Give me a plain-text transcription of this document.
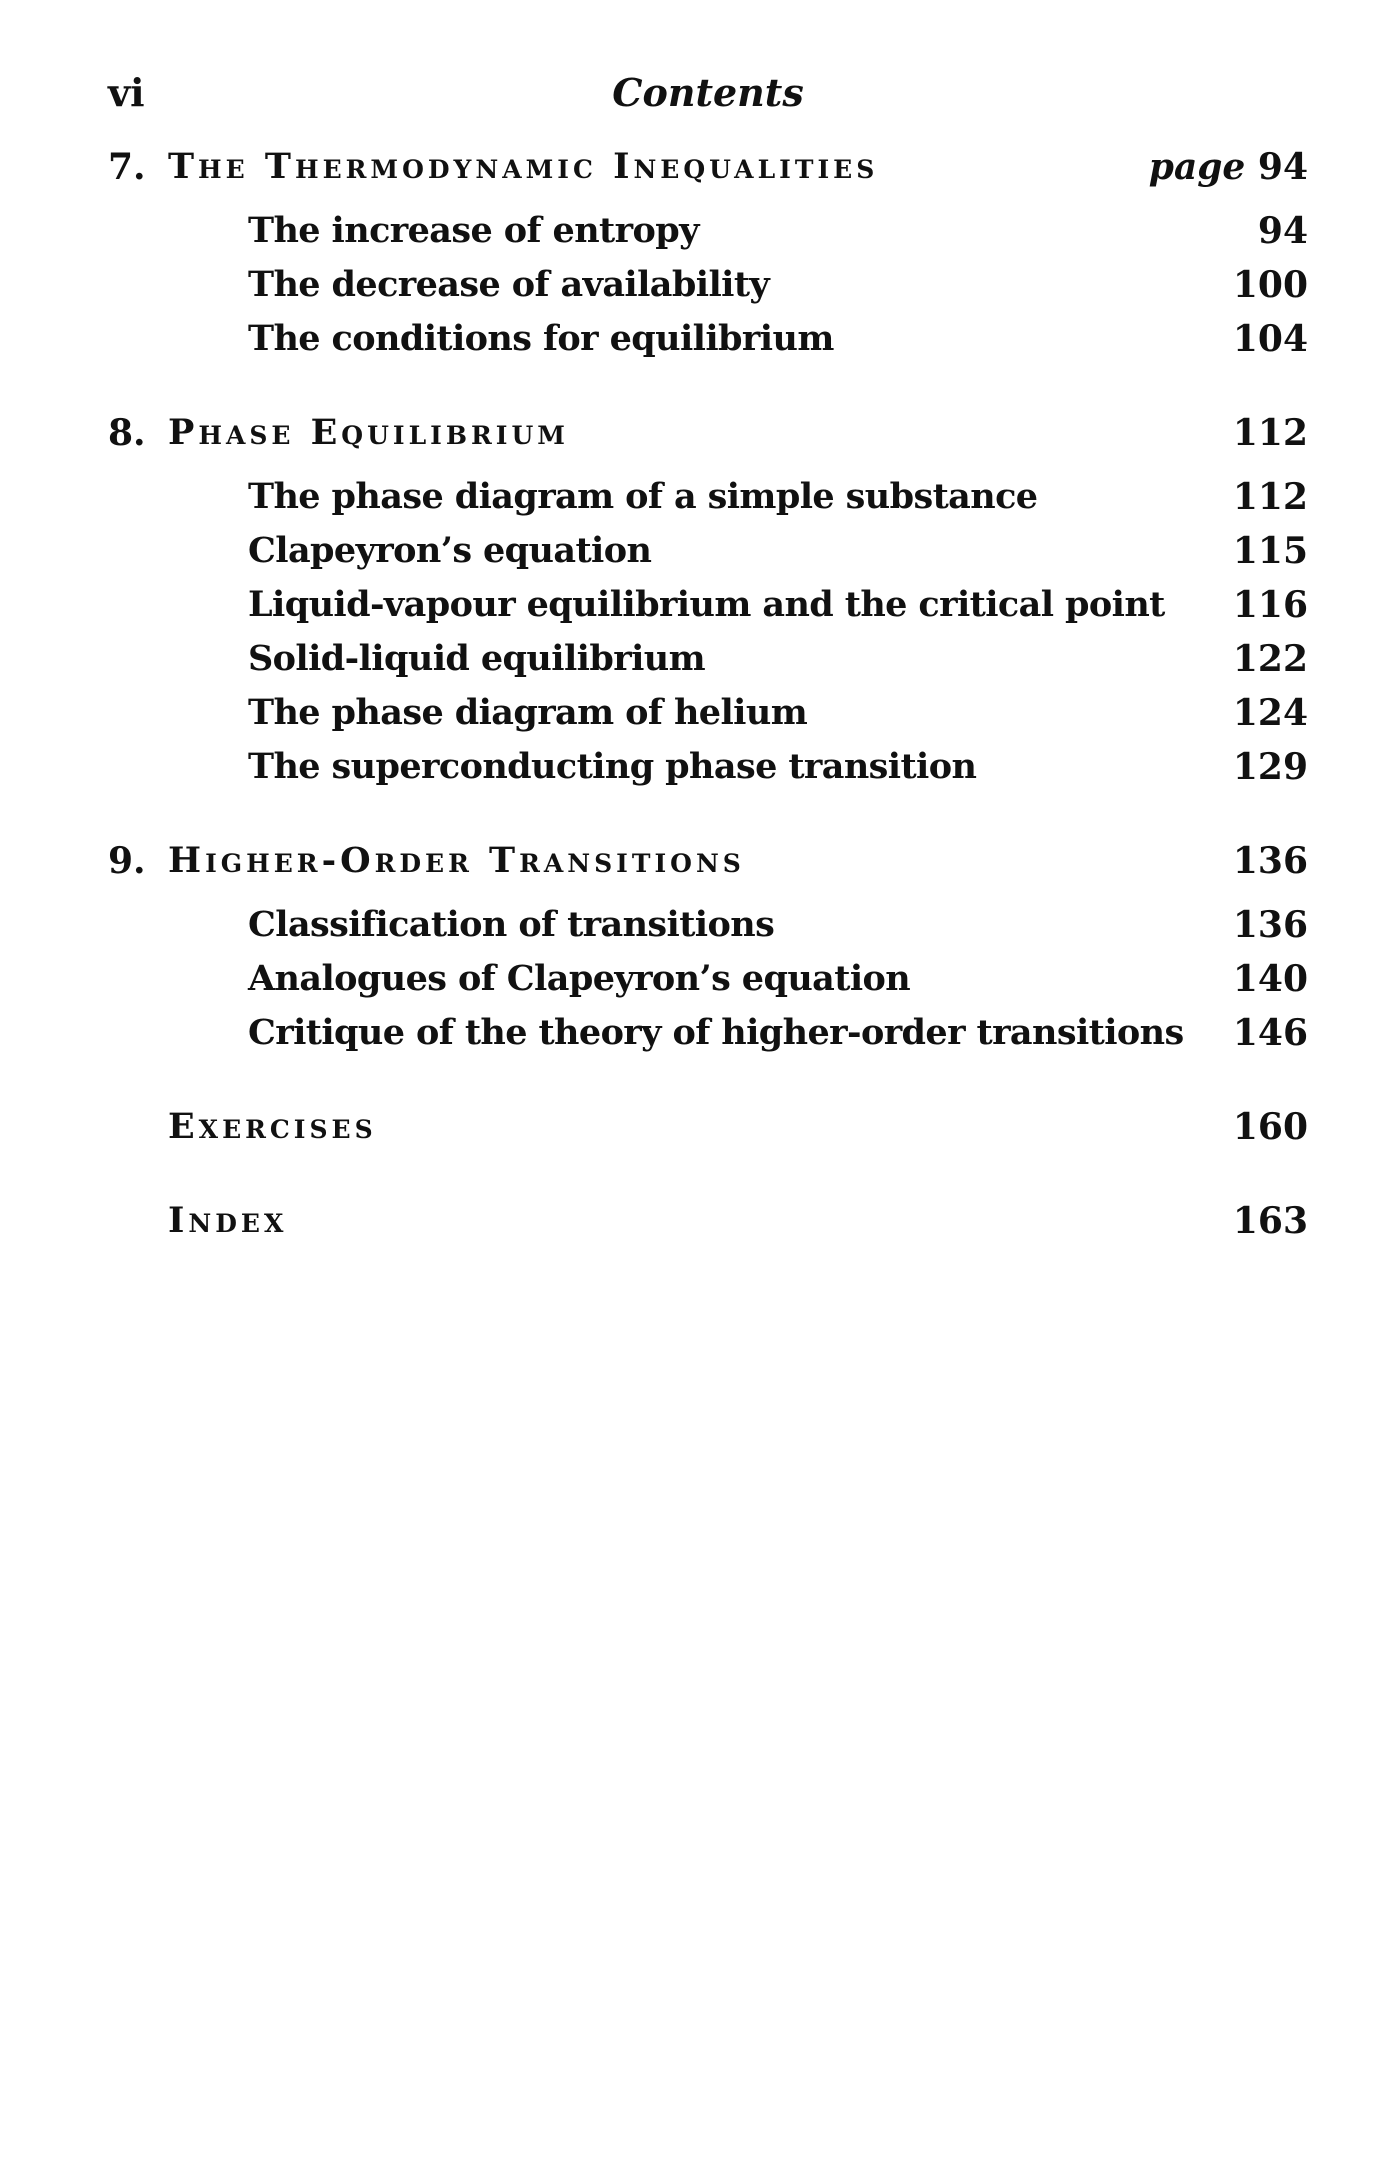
vi	Contents
7. The Thermodynamic Inequalities	page 94
The increase of entropy	94
The decrease of availability	100
The conditions for equilibrium	104
8. Phase Equilibrium	112
The phase diagram of a simple substance	112
Clapeyron’s equation	115
Liquid-vapour equilibrium and the critical point 116
Solid-liquid equilibrium	122
The phase diagram of helium	124
The superconducting phase transition	129
9. Higher-Order Transitions	136
Classification of transitions	136
Analogues of Clapeyron’s equation	140
Critique of the theory of higher-order transitions 146
Exercises	160
Index	163
